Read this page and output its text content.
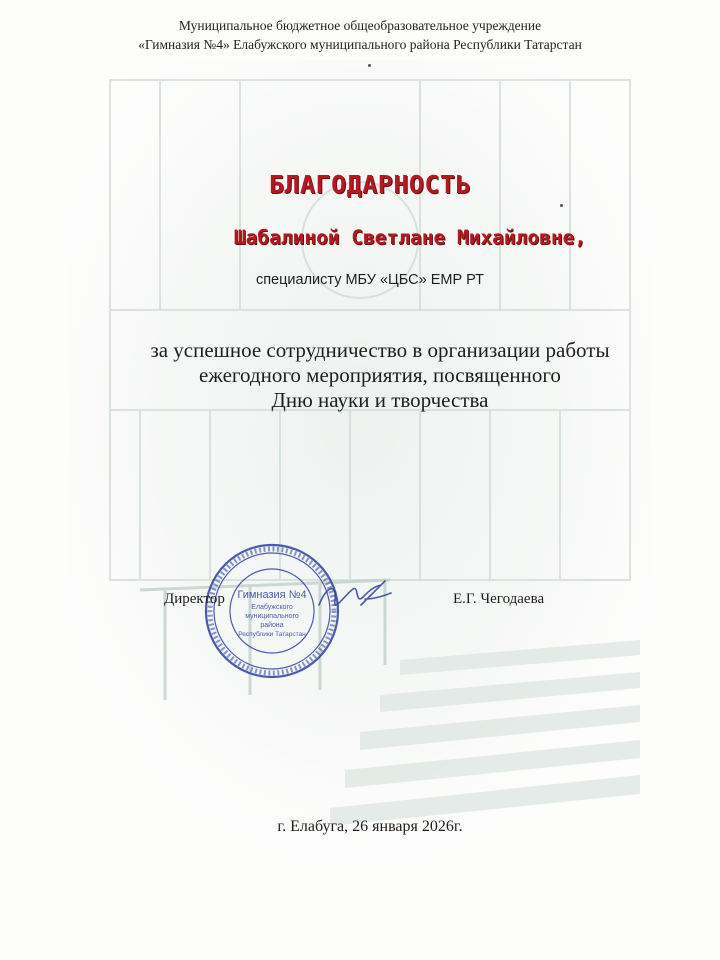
Муниципальное бюджетное общеобразовательное учреждение
«Гимназия №4» Елабужского муниципального района Республики Татарстан
БЛАГОДАРНОСТЬ
Шабалиной Светлане Михайловне,
специалисту МБУ «ЦБС» ЕМР РТ
за успешное сотрудничество в организации работы
ежегодного мероприятия, посвященного
Дню науки и творчества
Гимназия №4
Елабужского
муниципального
района
Республики Татарстан
Директор	Е.Г. Чегодаева
г. Елабуга, 26 января 2026г.
